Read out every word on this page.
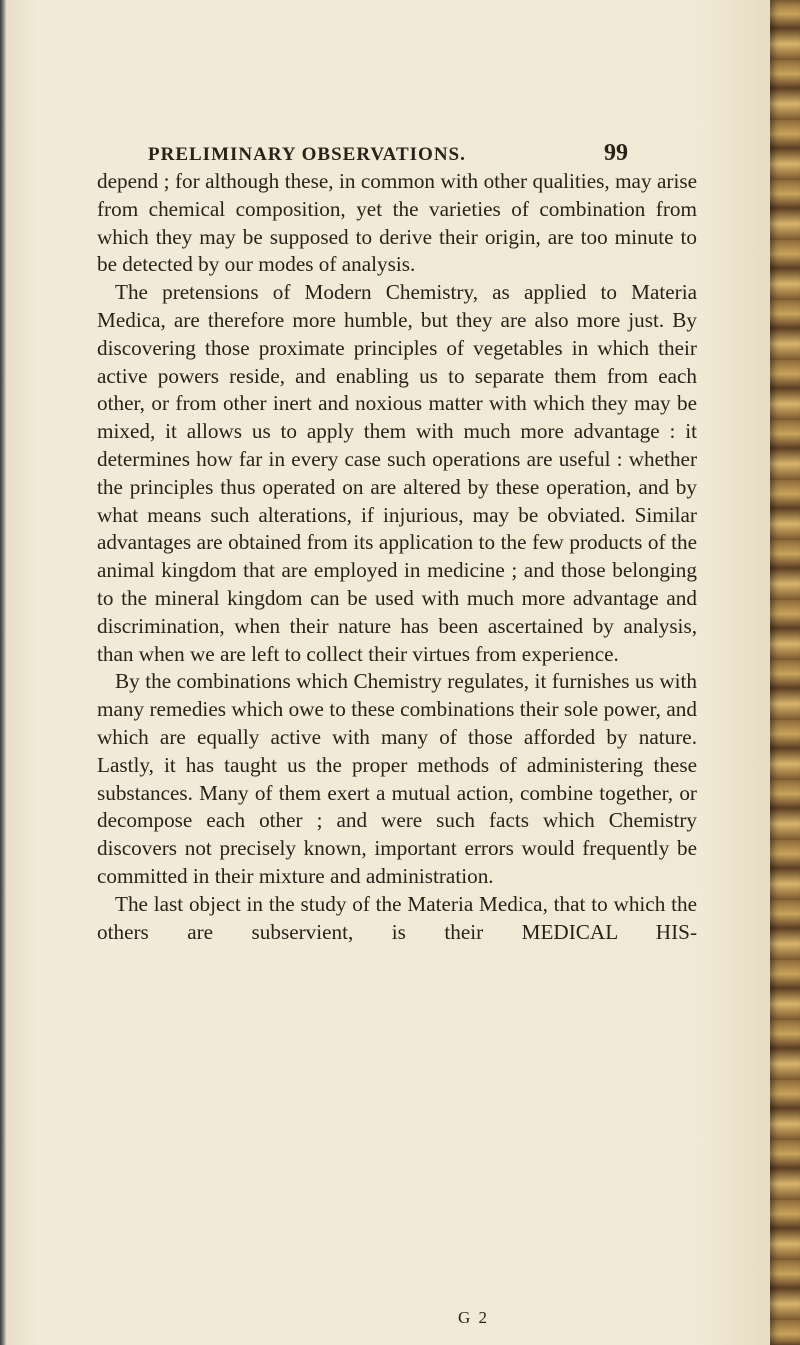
PRELIMINARY OBSERVATIONS.	99

depend ; for although these, in common with other qualities, may arise from chemical composition, yet the varieties of combination from which they may be supposed to derive their origin, are too minute to be detected by our modes of analysis.

The pretensions of Modern Chemistry, as applied to Materia Medica, are therefore more humble, but they are also more just. By discovering those proximate principles of vegetables in which their active powers reside, and enabling us to separate them from each other, or from other inert and noxious matter with which they may be mixed, it allows us to apply them with much more advantage : it determines how far in every case such operations are useful : whether the principles thus operated on are altered by these operation, and by what means such alterations, if injurious, may be obviated. Similar advantages are obtained from its application to the few products of the animal kingdom that are employed in medicine ; and those belonging to the mineral kingdom can be used with much more advantage and discrimination, when their nature has been ascertained by analysis, than when we are left to collect their virtues from experience.

By the combinations which Chemistry regulates, it furnishes us with many remedies which owe to these combinations their sole power, and which are equally active with many of those afforded by nature. Lastly, it has taught us the proper methods of administering these substances. Many of them exert a mutual action, combine together, or decompose each other ; and were such facts which Chemistry discovers not precisely known, important errors would frequently be committed in their mixture and administration.

The last object in the study of the Materia Medica, that to which the others are subservient, is their MEDICAL HIS-

G 2
